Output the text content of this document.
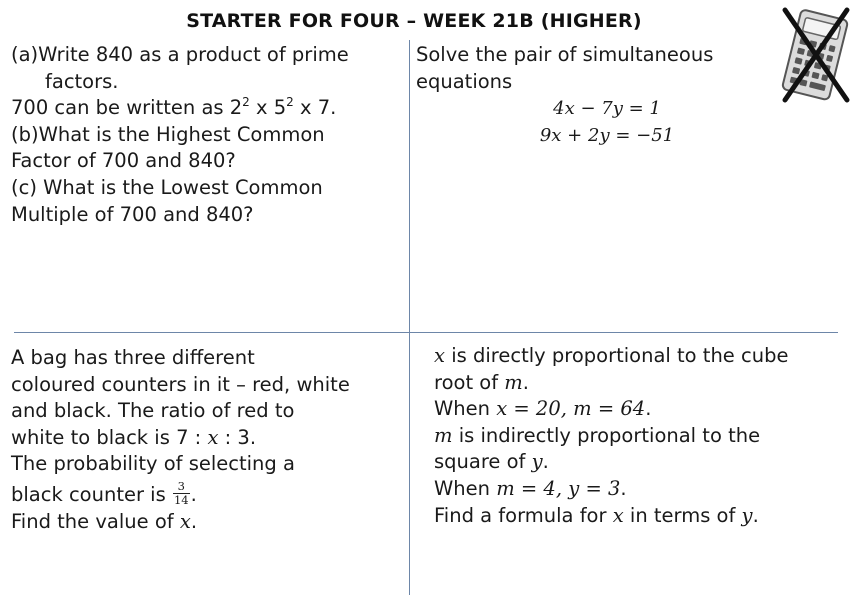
STARTER FOR FOUR – WEEK 21B (HIGHER)
(a)Write 840 as a product of prime
factors.
700 can be written as $2^2$ x $5^2$ x 7.
(b)What is the Highest Common
Factor of 700 and 840?
(c) What is the Lowest Common
Multiple of 700 and 840?
Solve the pair of simultaneous
equations
4x − 7y = 1
9x + 2y = −51
A bag has three different
coloured counters in it – red, white
and black. The ratio of red to
white to black is 7 : x : 3.
The probability of selecting a
black counter is $\frac{3}{14}$ .
Find the value of x.
x is directly proportional to the cube
root of m.
When x = 20, m = 64.
m is indirectly proportional to the
square of y.
When m = 4, y = 3.
Find a formula for x in terms of y.
